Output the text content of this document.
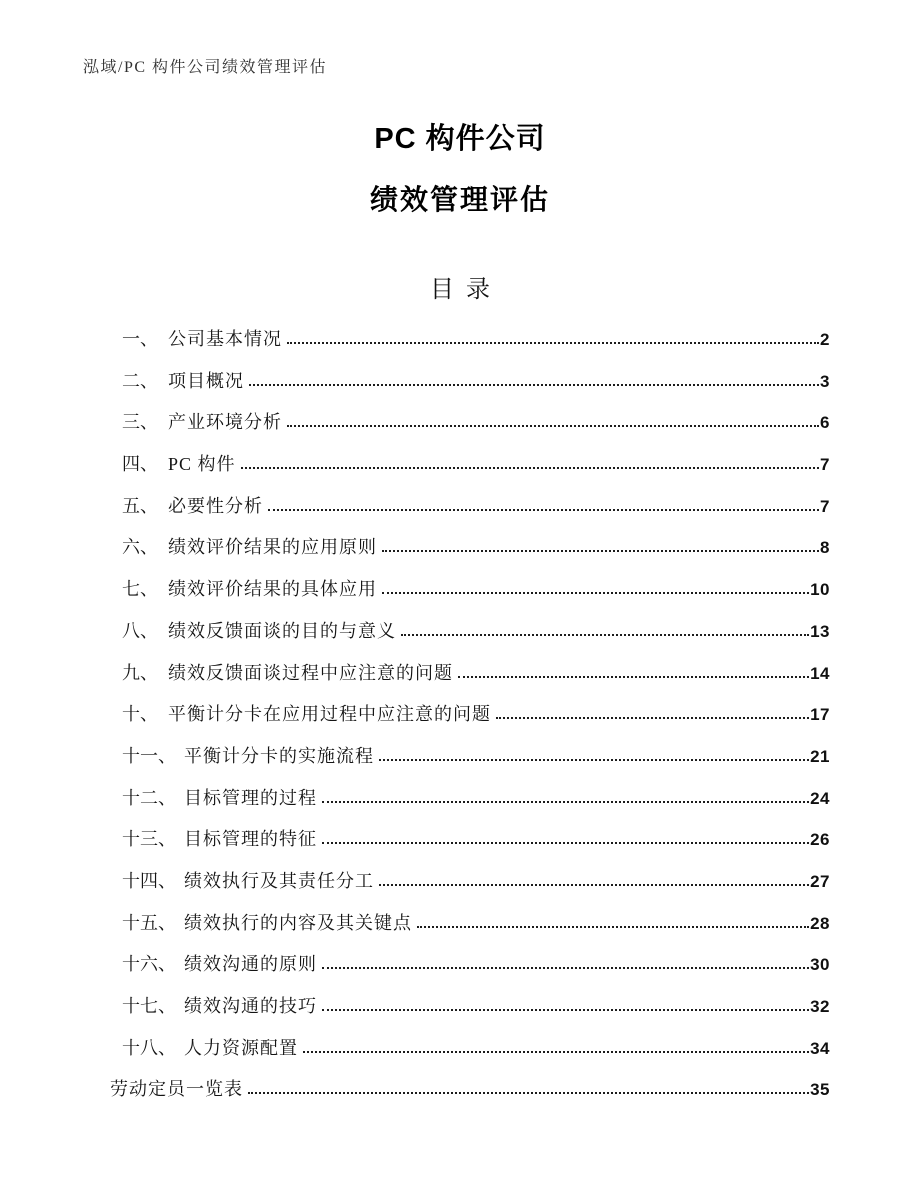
泓域/PC 构件公司绩效管理评估
PC 构件公司
绩效管理评估
目录
一、 公司基本情况	2
二、 项目概况	3
三、 产业环境分析	6
四、 PC 构件	7
五、 必要性分析	7
六、 绩效评价结果的应用原则	8
七、 绩效评价结果的具体应用	10
八、 绩效反馈面谈的目的与意义	13
九、 绩效反馈面谈过程中应注意的问题	14
十、 平衡计分卡在应用过程中应注意的问题	17
十一、 平衡计分卡的实施流程	21
十二、 目标管理的过程	24
十三、 目标管理的特征	26
十四、 绩效执行及其责任分工	27
十五、 绩效执行的内容及其关键点	28
十六、 绩效沟通的原则	30
十七、 绩效沟通的技巧	32
十八、 人力资源配置	34
劳动定员一览表	35
